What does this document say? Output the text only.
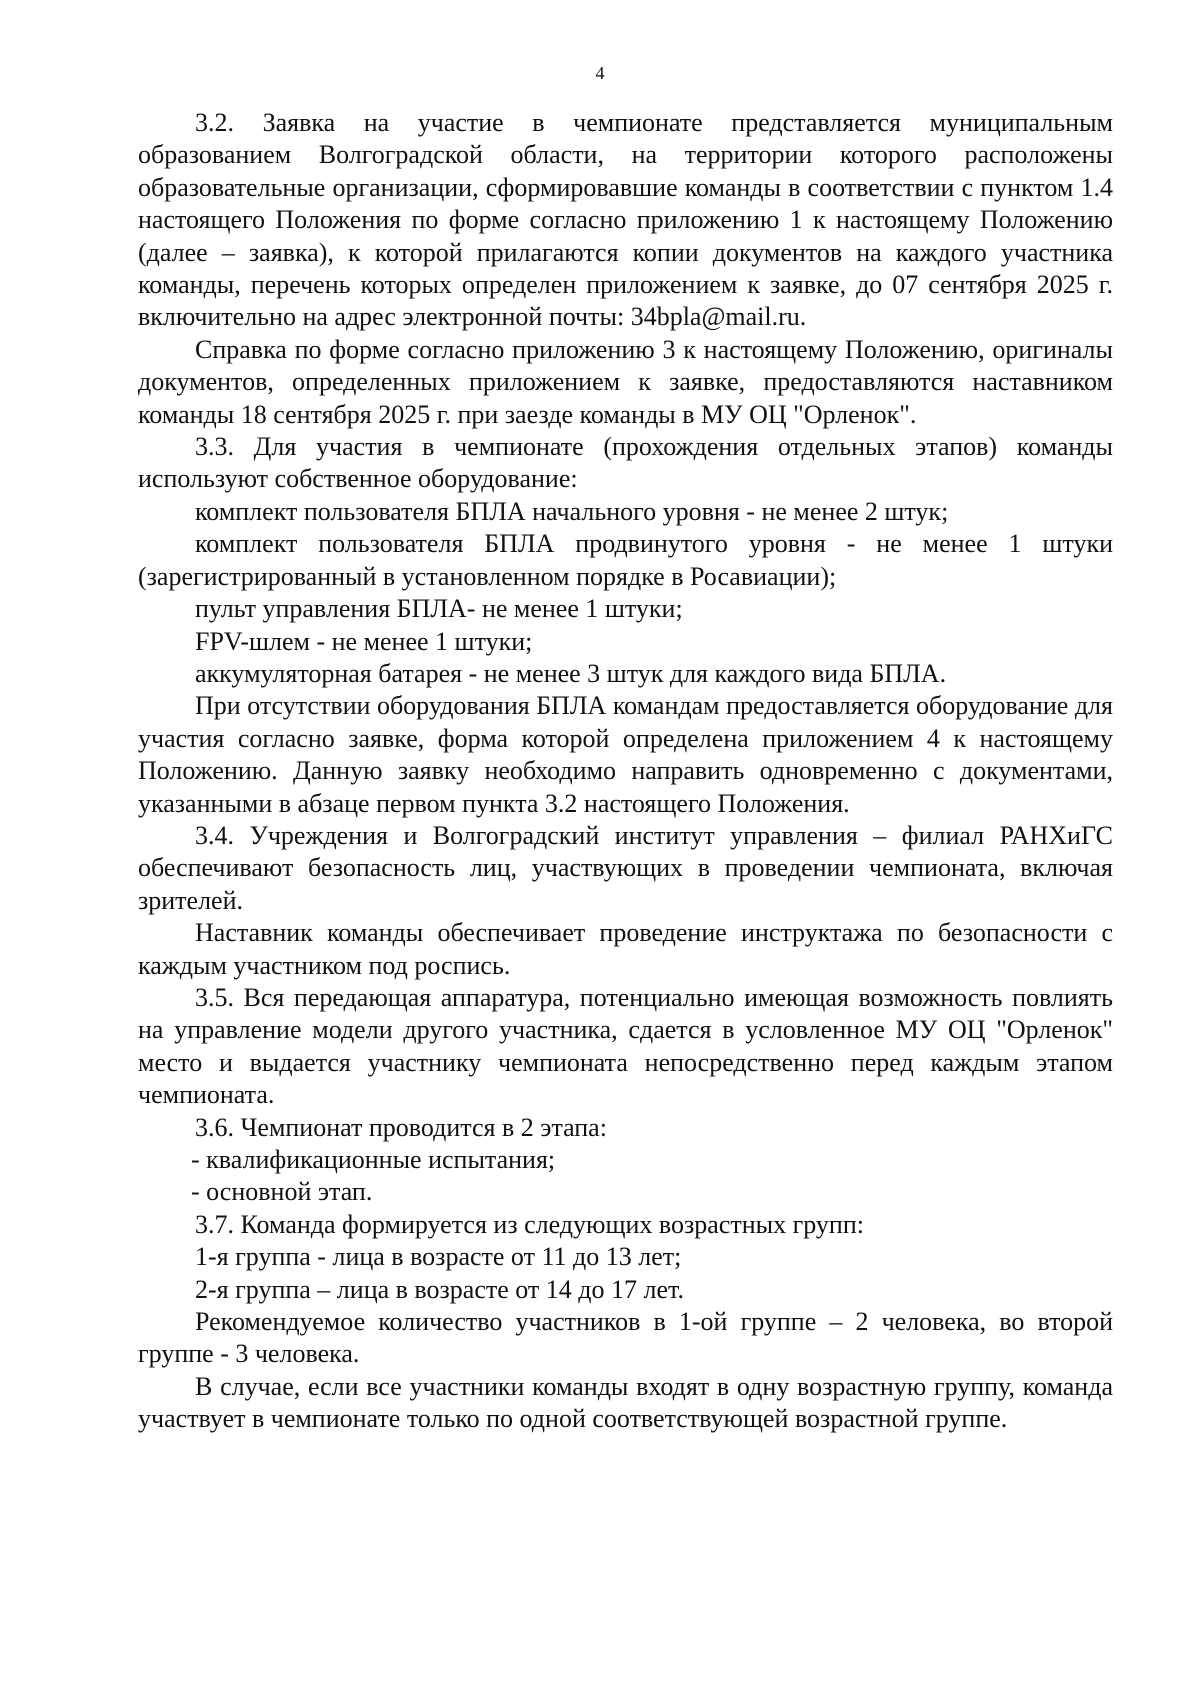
4

3.2. Заявка на участие в чемпионате представляется муниципальным образованием Волгоградской области, на территории которого расположены образовательные организации, сформировавшие команды в соответствии с пунктом 1.4 настоящего Положения по форме согласно приложению 1 к настоящему Положению (далее – заявка), к которой прилагаются копии документов на каждого участника команды, перечень которых определен приложением к заявке, до 07 сентября 2025 г. включительно на адрес электронной почты: 34bpla@mail.ru.

Справка по форме согласно приложению 3 к настоящему Положению, оригиналы документов, определенных приложением к заявке, предоставляются наставником команды 18 сентября 2025 г. при заезде команды в МУ ОЦ "Орленок".

3.3. Для участия в чемпионате (прохождения отдельных этапов) команды используют собственное оборудование:

комплект пользователя БПЛА начального уровня - не менее 2 штук;

комплект пользователя БПЛА продвинутого уровня - не менее 1 штуки (зарегистрированный в установленном порядке в Росавиации);

пульт управления БПЛА- не менее 1 штуки;

FPV-шлем - не менее 1 штуки;

аккумуляторная батарея - не менее 3 штук для каждого вида БПЛА.

При отсутствии оборудования БПЛА командам предоставляется оборудование для участия согласно заявке, форма которой определена приложением 4 к настоящему Положению. Данную заявку необходимо направить одновременно с документами, указанными в абзаце первом пункта 3.2 настоящего Положения.

3.4. Учреждения и Волгоградский институт управления – филиал РАНХиГС обеспечивают безопасность лиц, участвующих в проведении чемпионата, включая зрителей.

Наставник команды обеспечивает проведение инструктажа по безопасности с каждым участником под роспись.

3.5. Вся передающая аппаратура, потенциально имеющая возможность повлиять на управление модели другого участника, сдается в условленное МУ ОЦ "Орленок" место и выдается участнику чемпионата непосредственно перед каждым этапом чемпионата.

3.6. Чемпионат проводится в 2 этапа:

- квалификационные испытания;

- основной этап.

3.7. Команда формируется из следующих возрастных групп:

1-я группа - лица в возрасте от 11 до 13 лет;

2-я группа – лица в возрасте от 14 до 17 лет.

Рекомендуемое количество участников в 1-ой группе – 2 человека, во второй группе - 3 человека.

В случае, если все участники команды входят в одну возрастную группу, команда участвует в чемпионате только по одной соответствующей возрастной группе.
